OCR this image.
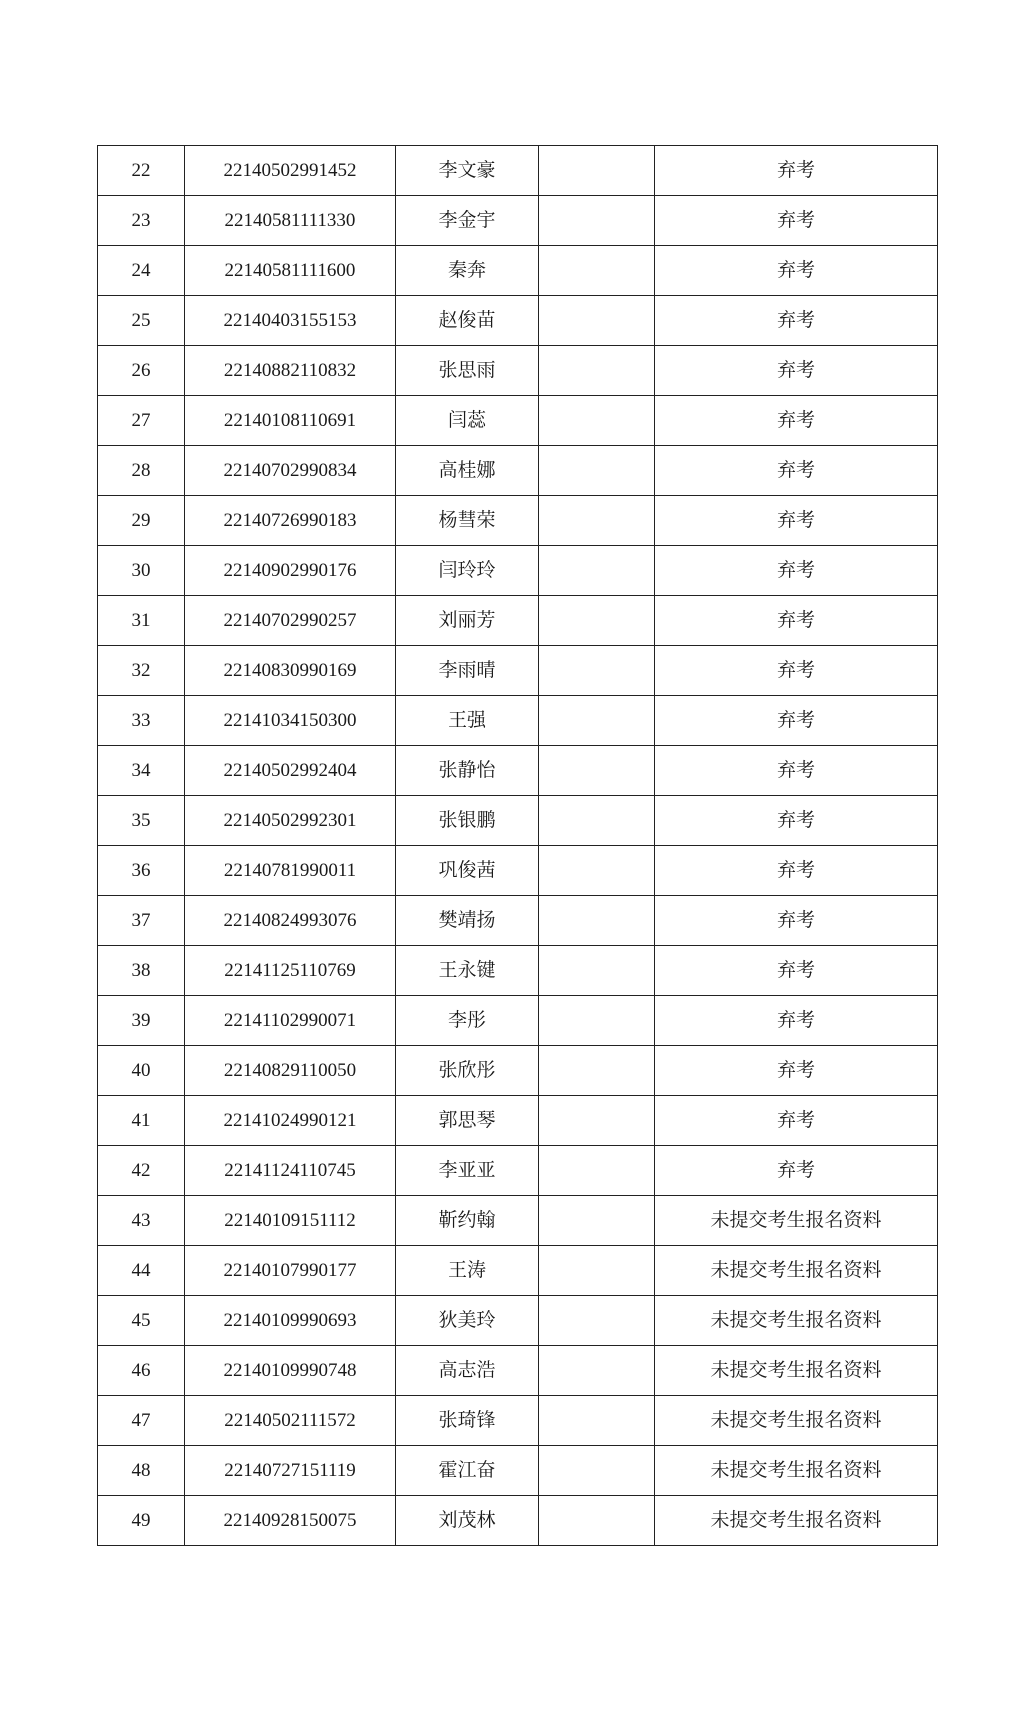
22	22140502991452	李文豪		弃考
23	22140581111330	李金宇		弃考
24	22140581111600	秦奔		弃考
25	22140403155153	赵俊苗		弃考
26	22140882110832	张思雨		弃考
27	22140108110691	闫蕊		弃考
28	22140702990834	高桂娜		弃考
29	22140726990183	杨彗荣		弃考
30	22140902990176	闫玲玲		弃考
31	22140702990257	刘丽芳		弃考
32	22140830990169	李雨晴		弃考
33	22141034150300	王强		弃考
34	22140502992404	张静怡		弃考
35	22140502992301	张银鹏		弃考
36	22140781990011	巩俊茜		弃考
37	22140824993076	樊靖扬		弃考
38	22141125110769	王永键		弃考
39	22141102990071	李彤		弃考
40	22140829110050	张欣彤		弃考
41	22141024990121	郭思琴		弃考
42	22141124110745	李亚亚		弃考
43	22140109151112	靳约翰		未提交考生报名资料
44	22140107990177	王涛		未提交考生报名资料
45	22140109990693	狄美玲		未提交考生报名资料
46	22140109990748	高志浩		未提交考生报名资料
47	22140502111572	张琦锋		未提交考生报名资料
48	22140727151119	霍江奋		未提交考生报名资料
49	22140928150075	刘茂林		未提交考生报名资料
